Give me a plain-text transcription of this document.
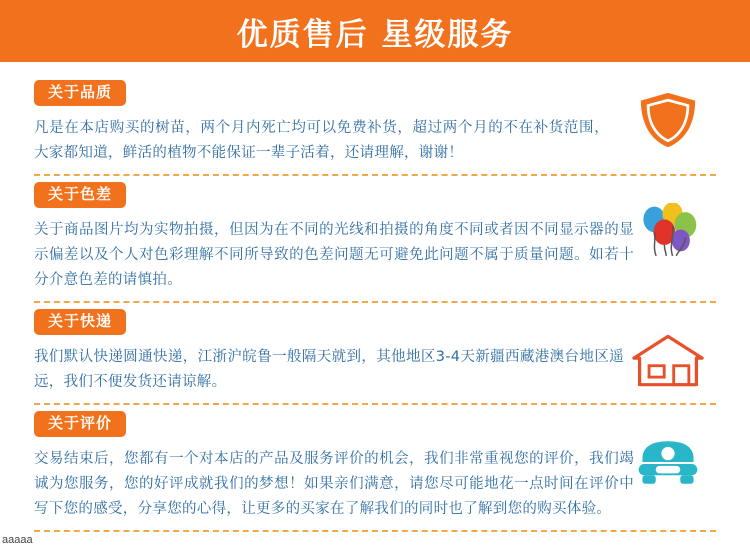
优质售后 星级服务
关于品质
凡是在本店购买的树苗，两个月内死亡均可以免费补货，超过两个月的不在补货范围，大家都知道，鲜活的植物不能保证一辈子活着，还请理解，谢谢！
关于色差
关于商品图片均为实物拍摄，但因为在不同的光线和拍摄的角度不同或者因不同显示器的显示偏差以及个人对色彩理解不同所导致的色差问题无可避免此问题不属于质量问题。如若十分介意色差的请慎拍。
关于快递
我们默认快递圆通快递，江浙沪皖鲁一般隔天就到，其他地区3-4天新疆西藏港澳台地区遥远，我们不便发货还请谅解。
关于评价
交易结束后，您都有一个对本店的产品及服务评价的机会，我们非常重视您的评价，我们竭诚为您服务，您的好评成就我们的梦想！如果亲们满意，请您尽可能地花一点时间在评价中写下您的感受，分享您的心得，让更多的买家在了解我们的同时也了解到您的购买体验。
aaaaa
